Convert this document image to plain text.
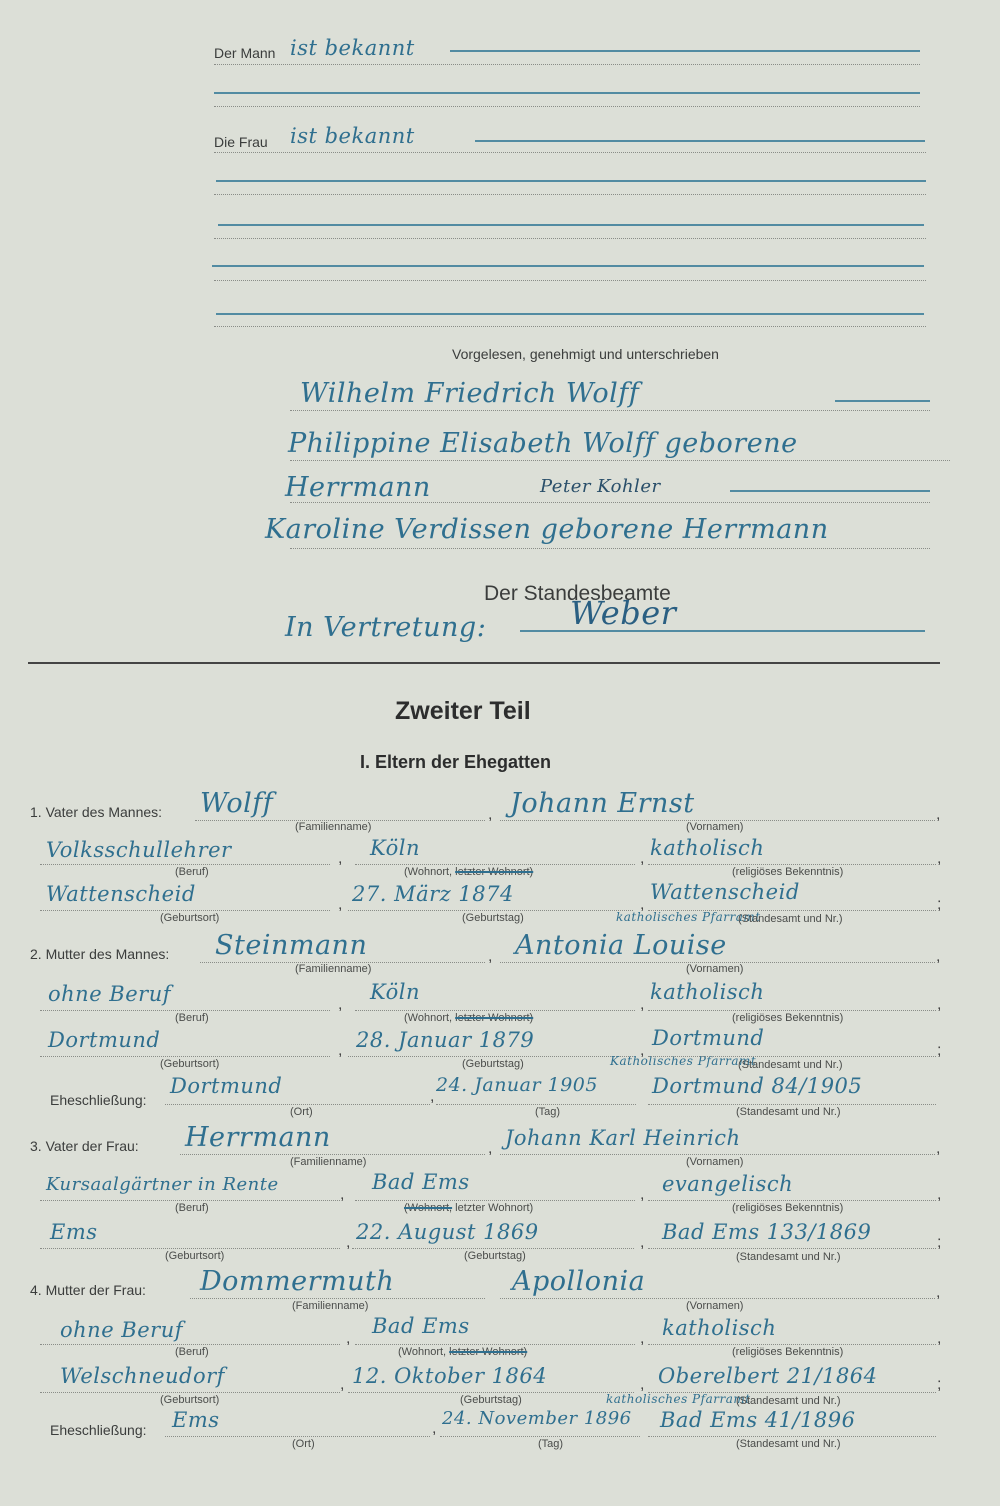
Der Mann ist bekannt
Die Frau ist bekannt
Vorgelesen, genehmigt und unterschrieben
Wilhelm Friedrich Wolff
Philippine Elisabeth Wolff geborene
Herrmann	Peter Kohler
Karoline Verdissen geborene Herrmann
Der Standesbeamte
In Vertretung:	Weber
Zweiter Teil
I. Eltern der Ehegatten
1. Vater des Mannes: Wolff
(Familienname)
, Johann Ernst
(Vornamen)
,
Volksschullehrer
(Beruf)
, Köln
(Wohnort, letzter Wohnort)
, katholisch
(religiöses Bekenntnis)
,
Wattenscheid
(Geburtsort)
, 27. März 1874
(Geburtstag)
,
Wattenscheid
katholisches Pfarramt
(Standesamt und Nr.)
;
2. Mutter des Mannes: Steinmann
(Familienname)
, Antonia Louise
(Vornamen)
,
ohne Beruf
(Beruf)
,
Köln
(Wohnort, letzter Wohnort)
,
katholisch
(religiöses Bekenntnis)
,
Dortmund
(Geburtsort)
, 28. Januar 1879
(Geburtstag)
,
Dortmund
Katholisches Pfarramt
(Standesamt und Nr.)
;
Eheschließung:
Dortmund
(Ort)
,
24. Januar 1905
(Tag)
Dortmund 84/1905
(Standesamt und Nr.)
3. Vater der Frau: Herrmann
(Familienname)
, Johann Karl Heinrich
(Vornamen)
,
Kursaalgärtner in Rente
(Beruf)
,
Bad Ems
(Wohnort, letzter Wohnort)
, evangelisch
(religiöses Bekenntnis)
,
Ems
(Geburtsort)
, 22. August 1869
(Geburtstag)
, Bad Ems 133/1869
(Standesamt und Nr.)
;
4. Mutter der Frau: Dommermuth
(Familienname)
Apollonia
(Vornamen)
,
ohne Beruf
(Beruf)
,
Bad Ems
(Wohnort, letzter Wohnort)
, katholisch
(religiöses Bekenntnis)
,
Welschneudorf
(Geburtsort)
, 12. Oktober 1864
(Geburtstag)
, Oberelbert 21/1864
katholisches Pfarramt
(Standesamt und Nr.)
;
Eheschließung: Ems
(Ort)
, 24. November 1896
(Tag)
Bad Ems 41/1896
(Standesamt und Nr.)
